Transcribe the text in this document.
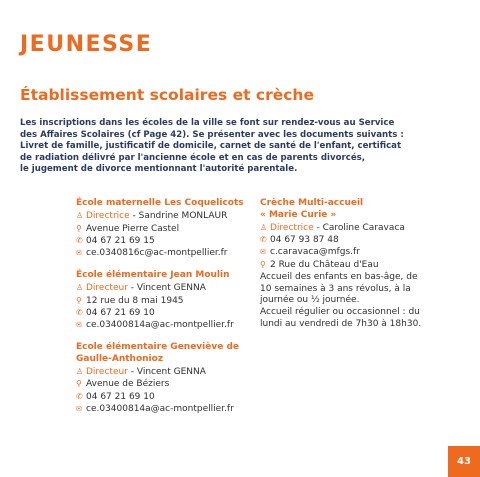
JEUNESSE
Établissement scolaires et crèche

Les inscriptions dans les écoles de la ville se font sur rendez-vous au Service
des Affaires Scolaires (cf Page 42). Se présenter avec les documents suivants :
Livret de famille, justificatif de domicile, carnet de santé de l'enfant, certificat
de radiation délivré par l'ancienne école et en cas de parents divorcés,
le jugement de divorce mentionnant l'autorité parentale.

École maternelle Les Coquelicots
♙ Directrice - Sandrine MONLAUR
⚲ Avenue Pierre Castel
✆ 04 67 21 69 15
✉ ce.0340816c@ac-montpellier.fr
École élémentaire Jean Moulin
♙ Directeur - Vincent GENNA
⚲ 12 rue du 8 mai 1945
✆ 04 67 21 69 10
✉ ce.03400814a@ac-montpellier.fr
Ecole élémentaire Geneviève de
Gaulle-Anthonioz
♙ Directeur - Vincent GENNA
⚲ Avenue de Béziers
✆ 04 67 21 69 10
✉ ce.03400814a@ac-montpellier.fr
Crèche Multi-accueil
« Marie Curie »
♙ Directrice - Caroline Caravaca
✆ 04 67 93 87 48
✉ c.caravaca@mfgs.fr
⚲ 2 Rue du Château d'Eau
Accueil des enfants en bas-âge, de
10 semaines à 3 ans révolus, à la
journée ou ½ journée.
Accueil régulier ou occasionnel : du
lundi au vendredi de 7h30 à 18h30.
43
